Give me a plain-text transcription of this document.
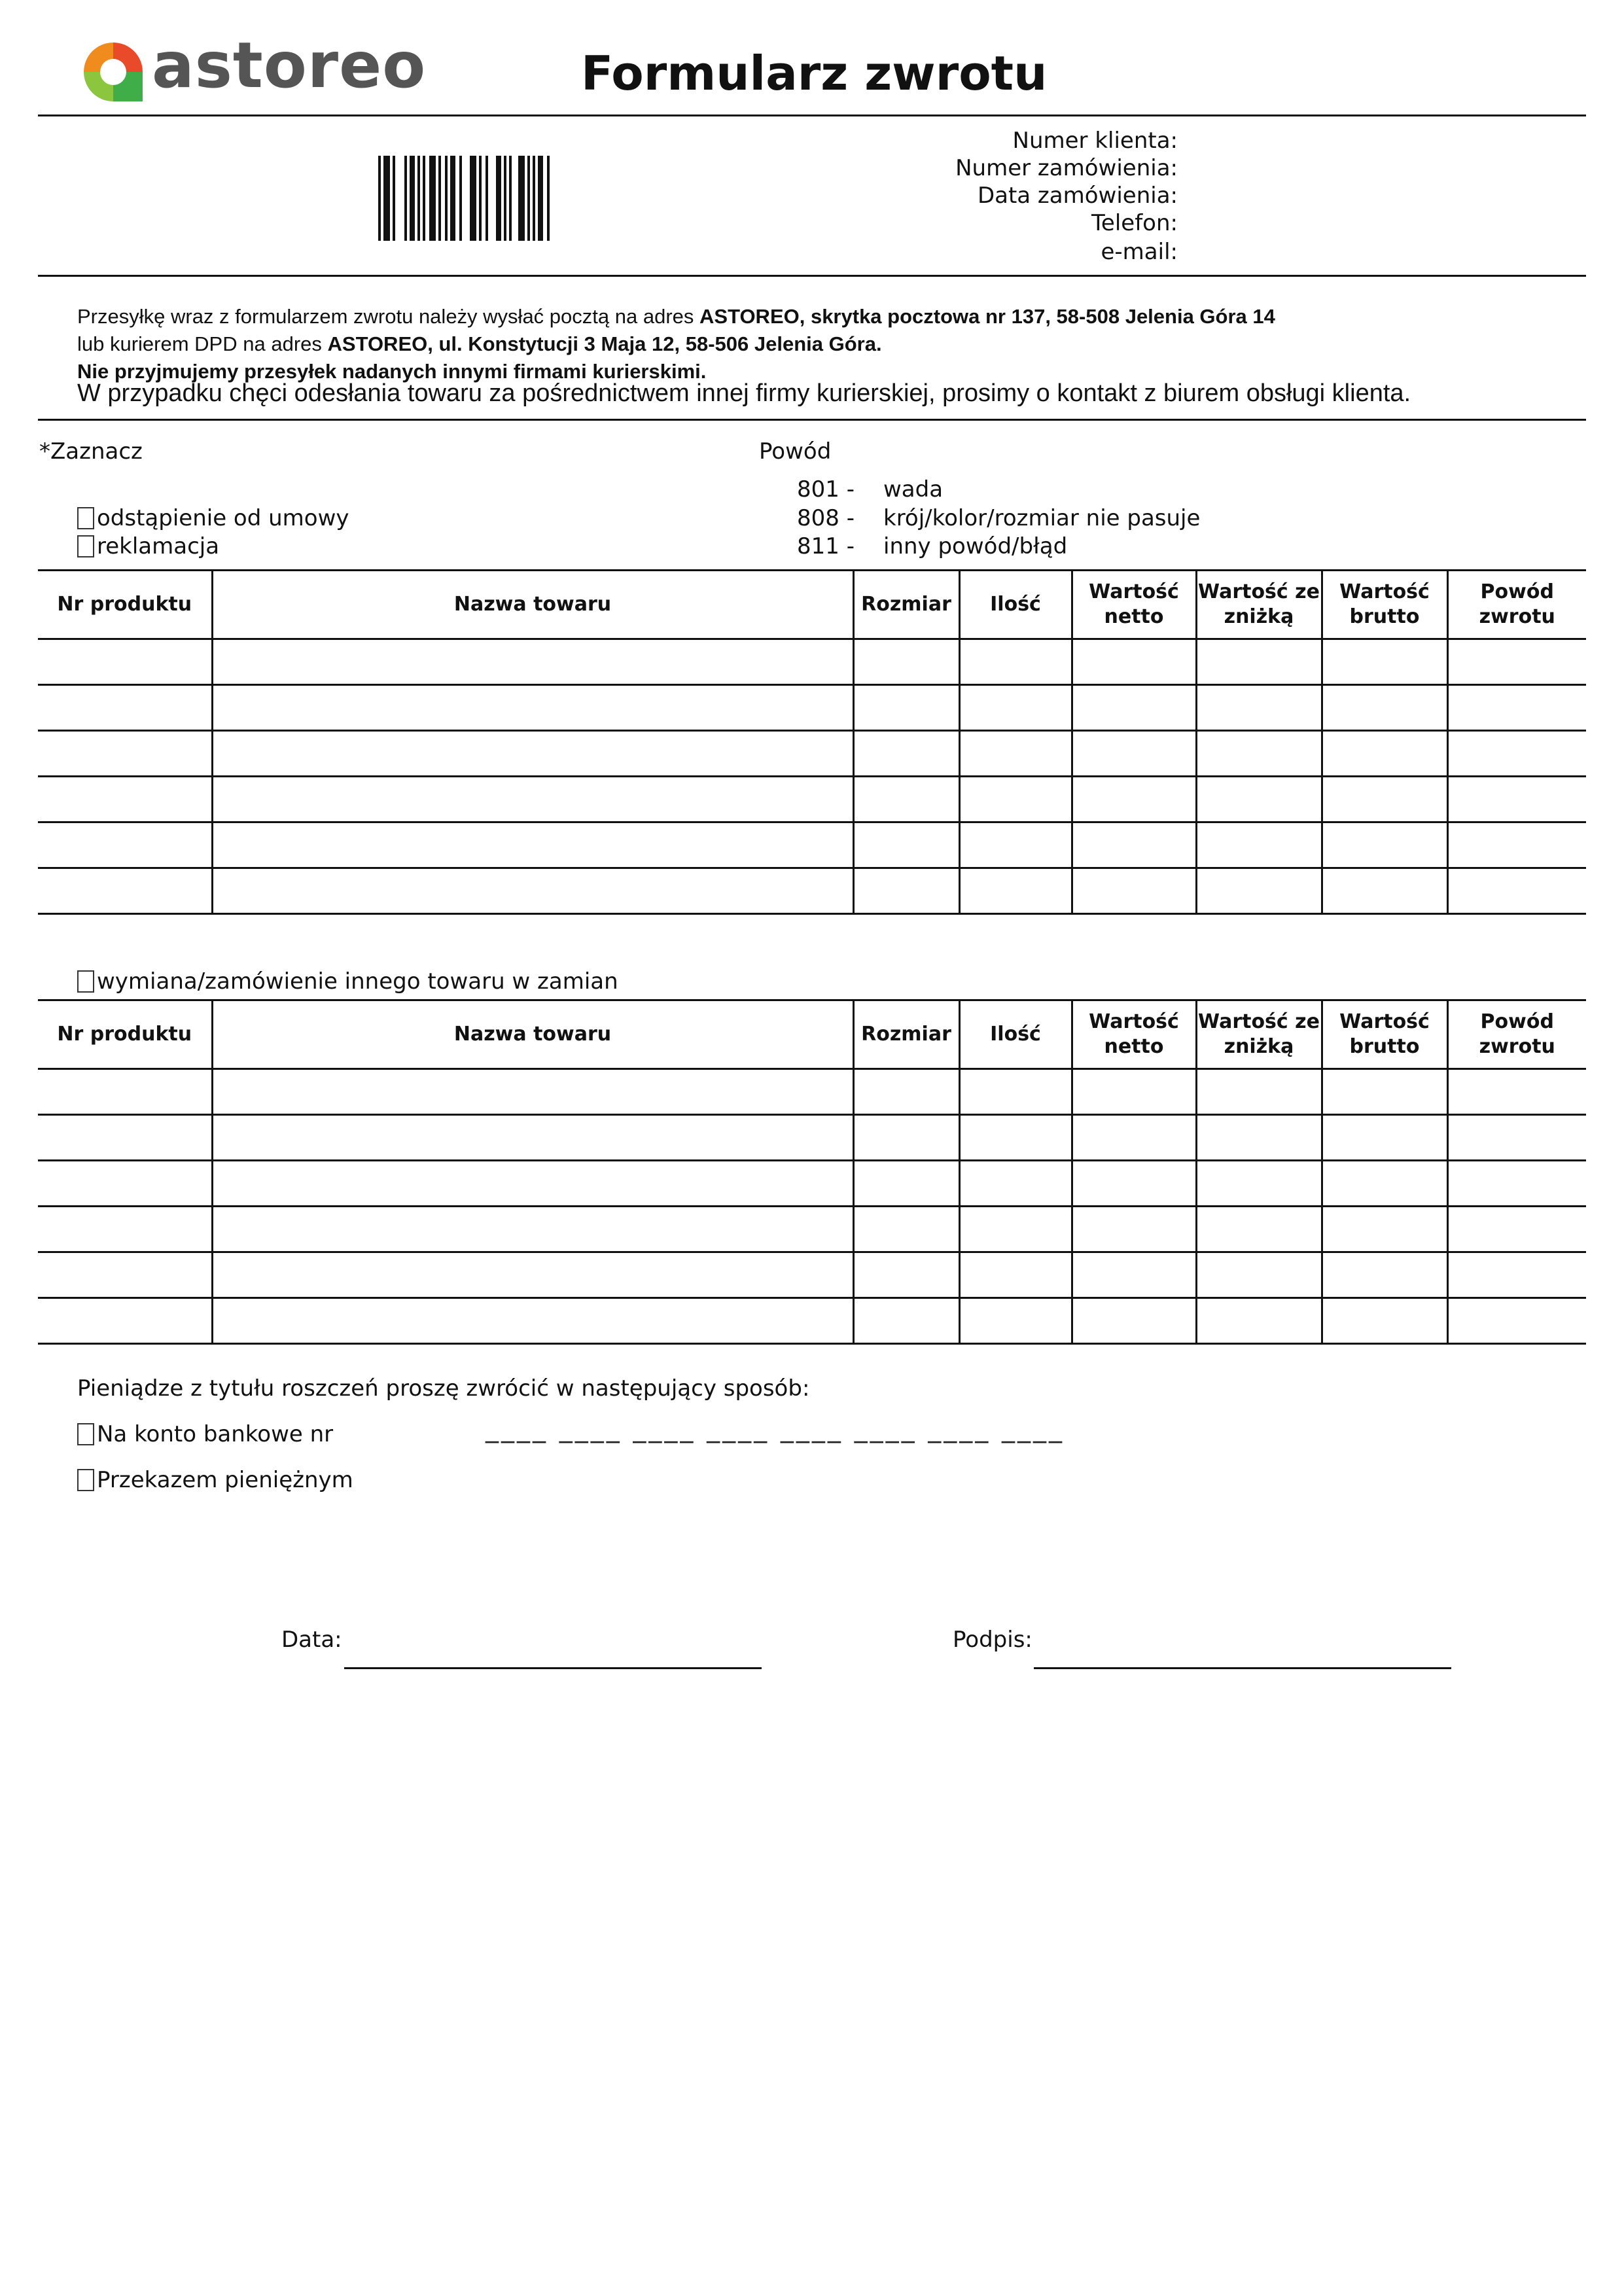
astoreo	Formularz zwrotu
Numer klienta:
Numer zamówienia:
Data zamówienia:
Telefon:
e-mail:
Przesyłkę wraz z formularzem zwrotu należy wysłać pocztą na adres ASTOREO, skrytka pocztowa nr 137, 58-508 Jelenia Góra 14
lub kurierem DPD na adres ASTOREO, ul. Konstytucji 3 Maja 12, 58-506 Jelenia Góra.
Nie przyjmujemy przesyłek nadanych innymi firmami kurierskimi.
W przypadku chęci odesłania towaru za pośrednictwem innej firmy kurierskiej, prosimy o kontakt z biurem obsługi klienta.
*Zaznacz	Powód
odstąpienie od umowy
reklamacja
801 - wada
808 - krój/kolor/rozmiar nie pasuje
811 - inny powód/błąd
Nr produktu	Nazwa towaru	Rozmiar	Ilość	Wartość netto	Wartość ze zniżką	Wartość brutto	Powód zwrotu

wymiana/zamówienie innego towaru w zamian
Nr produktu	Nazwa towaru	Rozmiar	Ilość	Wartość netto	Wartość ze zniżką	Wartość brutto	Powód zwrotu

Pieniądze z tytułu roszczeń proszę zwrócić w następujący sposób:
Na konto bankowe nr	____ ____ ____ ____ ____ ____ ____ ____
Przekazem pieniężnym
Data:	Podpis:
